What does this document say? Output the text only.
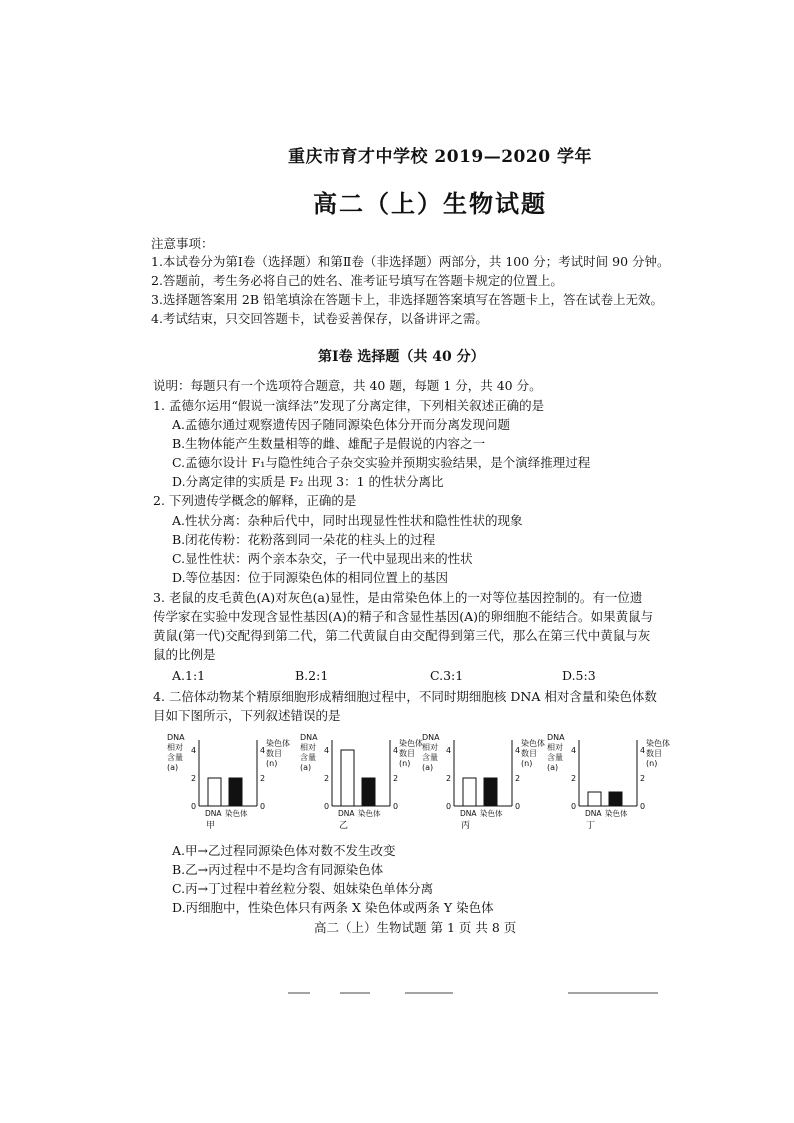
重庆市育才中学校 2019—2020 学年
高二（上）生物试题
注意事项：
1.本试卷分为第Ⅰ卷（选择题）和第Ⅱ卷（非选择题）两部分，共 100 分；考试时间 90 分钟。
2.答题前，考生务必将自己的姓名、准考证号填写在答题卡规定的位置上。
3.选择题答案用 2B 铅笔填涂在答题卡上，非选择题答案填写在答题卡上，答在试卷上无效。
4.考试结束，只交回答题卡，试卷妥善保存，以备讲评之需。
第Ⅰ卷 选择题（共 40 分）
说明：每题只有一个选项符合题意，共 40 题，每题 1 分，共 40 分。
1. 孟德尔运用“假说一演绎法”发现了分离定律，下列相关叙述正确的是
A.孟德尔通过观察遗传因子随同源染色体分开而分离发现问题
B.生物体能产生数量相等的雌、雄配子是假说的内容之一
C.孟德尔设计 F₁与隐性纯合子杂交实验并预期实验结果，是个演绎推理过程
D.分离定律的实质是 F₂ 出现 3：1 的性状分离比
2. 下列遗传学概念的解释，正确的是
A.性状分离：杂种后代中，同时出现显性性状和隐性性状的现象
B.闭花传粉：花粉落到同一朵花的柱头上的过程
C.显性性状：两个亲本杂交，子一代中显现出来的性状
D.等位基因：位于同源染色体的相同位置上的基因
3. 老鼠的皮毛黄色(A)对灰色(a)显性，是由常染色体上的一对等位基因控制的。有一位遗
传学家在实验中发现含显性基因(A)的精子和含显性基因(A)的卵细胞不能结合。如果黄鼠与
黄鼠(第一代)交配得到第二代，第二代黄鼠自由交配得到第三代，那么在第三代中黄鼠与灰
鼠的比例是
A.1:1	B.2:1	C.3:1	D.5:3
4. 二倍体动物某个精原细胞形成精细胞过程中，不同时期细胞核 DNA 相对含量和染色体数
目如下图所示，下列叙述错误的是
DNA
相对
含量
(a)
染色体
数目
(n)
0	0
2	2
4	4
DNA 染色体
甲
DNA
相对
含量
(a)
染色体
数目
(n)
0	0
2	2
4	4
DNA 染色体
乙
DNA
相对
含量
(a)
染色体
数目
(n)
0	0
2	2
4	4
DNA 染色体
丙
DNA
相对
含量
(a)
染色体
数目
(n)
0	0
2	2
4	4
DNA 染色体
丁
A.甲→乙过程同源染色体对数不发生改变
B.乙→丙过程中不是均含有同源染色体
C.丙→丁过程中着丝粒分裂、姐妹染色单体分离
D.丙细胞中，性染色体只有两条 X 染色体或两条 Y 染色体
高二（上）生物试题 第 1 页 共 8 页
